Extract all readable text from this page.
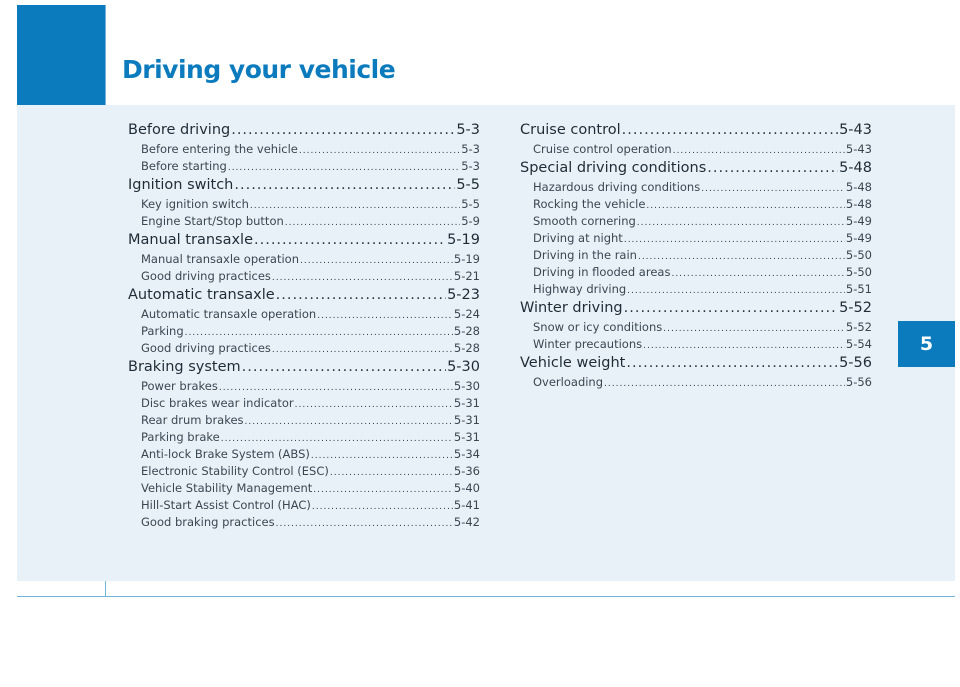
Driving your vehicle
5
Before driving .....	5-3
Before entering the vehicle .....	5-3
Before starting .....	5-3
Ignition switch .....	5-5
Key ignition switch .....	5-5
Engine Start/Stop button .....	5-9
Manual transaxle .....	5-19
Manual transaxle operation .....	5-19
Good driving practices .....	5-21
Automatic transaxle .....	5-23
Automatic transaxle operation .....	5-24
Parking .....	5-28
Good driving practices .....	5-28
Braking system .....	5-30
Power brakes .....	5-30
Disc brakes wear indicator .....	5-31
Rear drum brakes .....	5-31
Parking brake .....	5-31
Anti-lock Brake System (ABS) .....	5-34
Electronic Stability Control (ESC) .....	5-36
Vehicle Stability Management .....	5-40
Hill-Start Assist Control (HAC) .....	5-41
Good braking practices .....	5-42
Cruise control .....	5-43
Cruise control operation .....	5-43
Special driving conditions .....	5-48
Hazardous driving conditions .....	5-48
Rocking the vehicle .....	5-48
Smooth cornering .....	5-49
Driving at night .....	5-49
Driving in the rain .....	5-50
Driving in flooded areas .....	5-50
Highway driving .....	5-51
Winter driving .....	5-52
Snow or icy conditions .....	5-52
Winter precautions .....	5-54
Vehicle weight .....	5-56
Overloading .....	5-56
